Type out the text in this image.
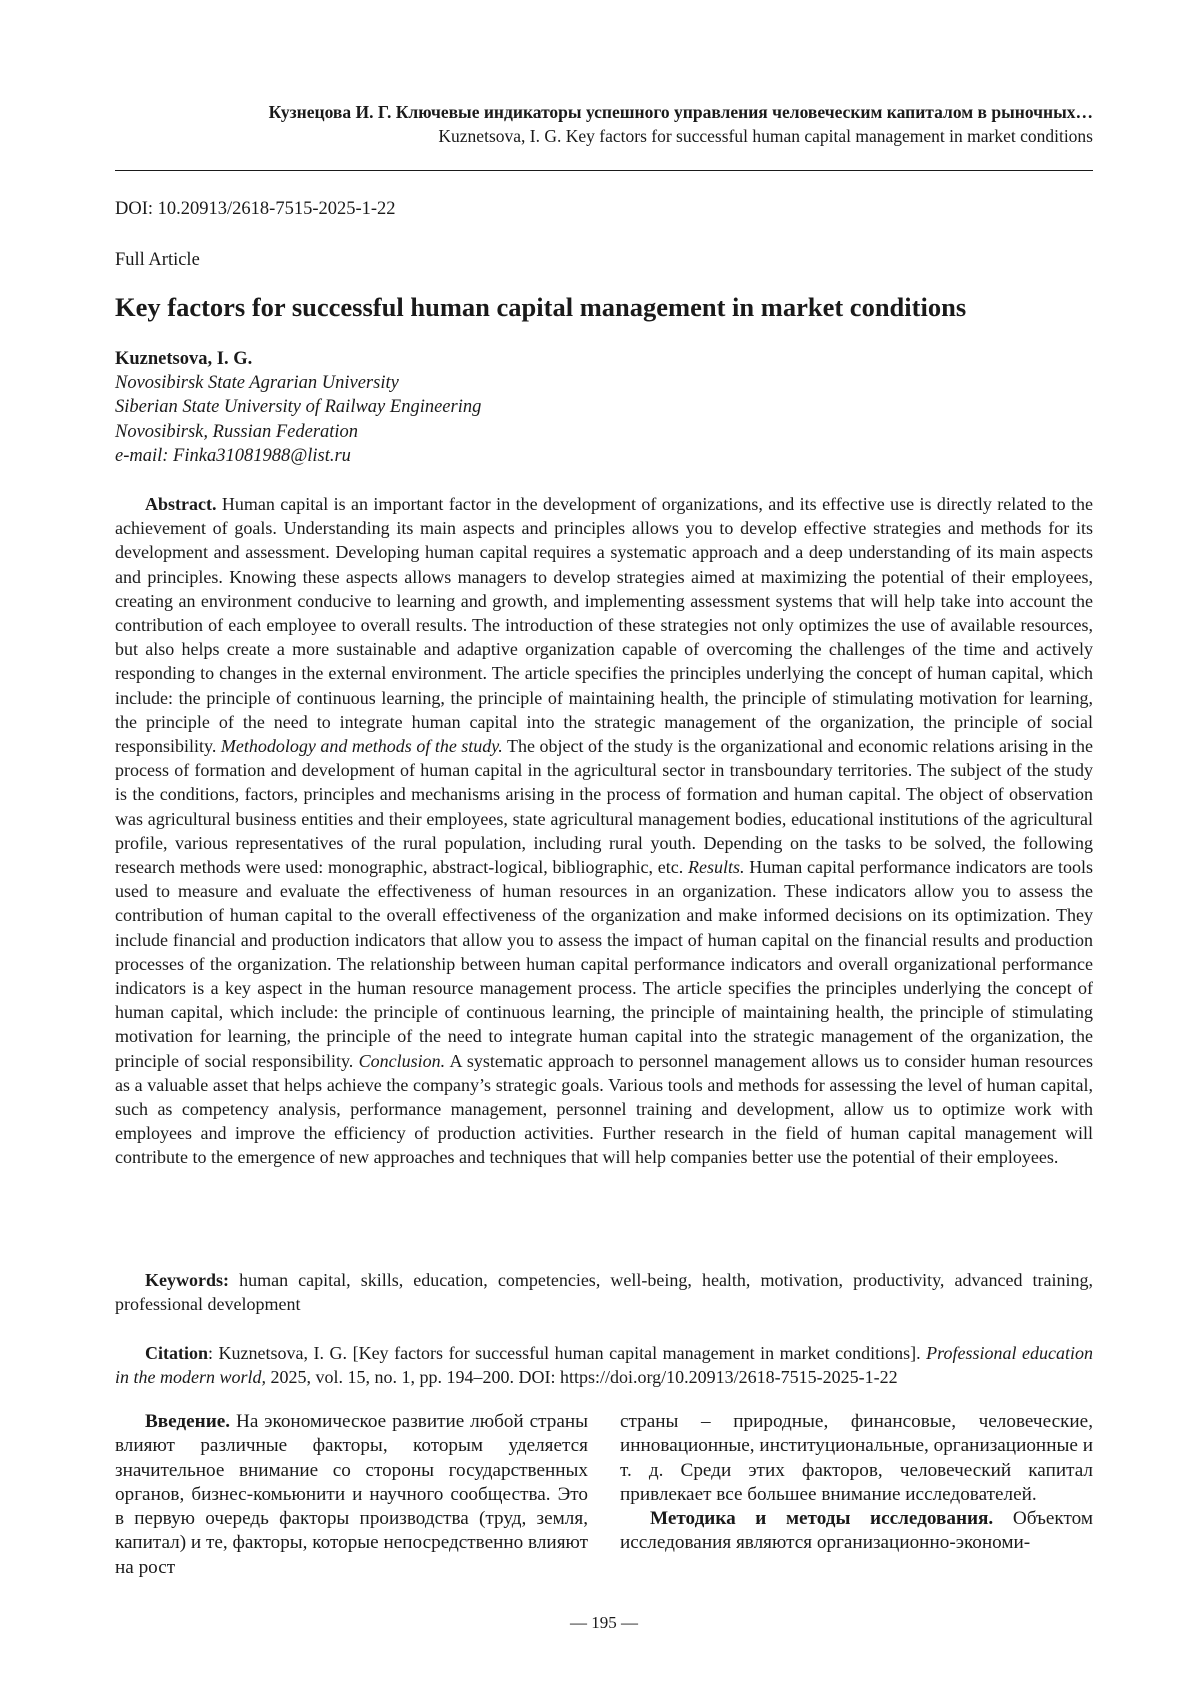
Кузнецова И. Г. Ключевые индикаторы успешного управления человеческим капиталом в рыночных…
Kuznetsova, I. G. Key factors for successful human capital management in market conditions
DOI: 10.20913/2618-7515-2025-1-22
Full Article
Key factors for successful human capital management in market conditions
Kuznetsova, I. G.
Novosibirsk State Agrarian University
Siberian State University of Railway Engineering
Novosibirsk, Russian Federation
e-mail: Finka31081988@list.ru

Abstract. Human capital is an important factor in the development of organizations, and its effective use is directly related to the achievement of goals. Understanding its main aspects and principles allows you to develop effective strategies and methods for its development and assessment. Developing human capital requires a systematic approach and a deep understanding of its main aspects and principles. Knowing these aspects allows managers to develop strategies aimed at maximizing the potential of their employees, creating an environment conducive to learning and growth, and implementing assessment systems that will help take into account the contribution of each employee to overall results. The introduction of these strategies not only optimizes the use of available resources, but also helps create a more sustainable and adaptive organization capable of overcoming the challenges of the time and actively responding to changes in the external environment. The article specifies the principles underlying the concept of human capital, which include: the principle of continuous learning, the principle of maintaining health, the principle of stimulating motivation for learning, the principle of the need to integrate human capital into the strategic management of the organization, the principle of social responsibility. Methodology and methods of the study. The object of the study is the organizational and economic relations arising in the process of formation and development of human capital in the agricultural sector in transboundary territories. The subject of the study is the conditions, factors, principles and mechanisms arising in the process of formation and human capital. The object of observation was agricultural business entities and their employees, state agricultural management bodies, educational institutions of the agricultural profile, various representatives of the rural population, including rural youth. Depending on the tasks to be solved, the following research methods were used: monographic, abstract-logical, bibliographic, etc. Results. Human capital performance indicators are tools used to measure and evaluate the effectiveness of human resources in an organization. These indicators allow you to assess the contribution of human capital to the overall effectiveness of the organization and make informed decisions on its optimization. They include financial and production indicators that allow you to assess the impact of human capital on the financial results and production processes of the organization. The relationship between human capital performance indicators and overall organizational performance indicators is a key aspect in the human resource management process. The article specifies the principles underlying the concept of human capital, which include: the principle of continuous learning, the principle of maintaining health, the principle of stimulating motivation for learning, the principle of the need to integrate human capital into the strategic management of the organization, the principle of social responsibility. Conclusion. A systematic approach to personnel management allows us to consider human resources as a valuable asset that helps achieve the company’s strategic goals. Various tools and methods for assessing the level of human capital, such as competency analysis, performance management, personnel training and development, allow us to optimize work with employees and improve the efficiency of production activities. Further research in the field of human capital management will contribute to the emergence of new approaches and techniques that will help companies better use the potential of their employees.

Keywords: human capital, skills, education, competencies, well-being, health, motivation, productivity, advanced training, professional development

Citation: Kuznetsova, I. G. [Key factors for successful human capital management in market conditions]. Professional education in the modern world, 2025, vol. 15, no. 1, pp. 194–200. DOI: https://doi.org/10.20913/2618-7515-2025-1-22

Введение. На экономическое развитие любой страны влияют различные факторы, которым уделяется значительное внимание со стороны государственных органов, бизнес-комьюнити и научного сообщества. Это в первую очередь факторы производства (труд, земля, капитал) и те, факторы, которые непосредственно влияют на рост

страны – природные, финансовые, человеческие, инновационные, институциональные, организационные и т. д. Среди этих факторов, человеческий капитал привлекает все большее внимание исследователей.

Методика и методы исследования. Объектом исследования являются организационно-экономи-

— 195 —
